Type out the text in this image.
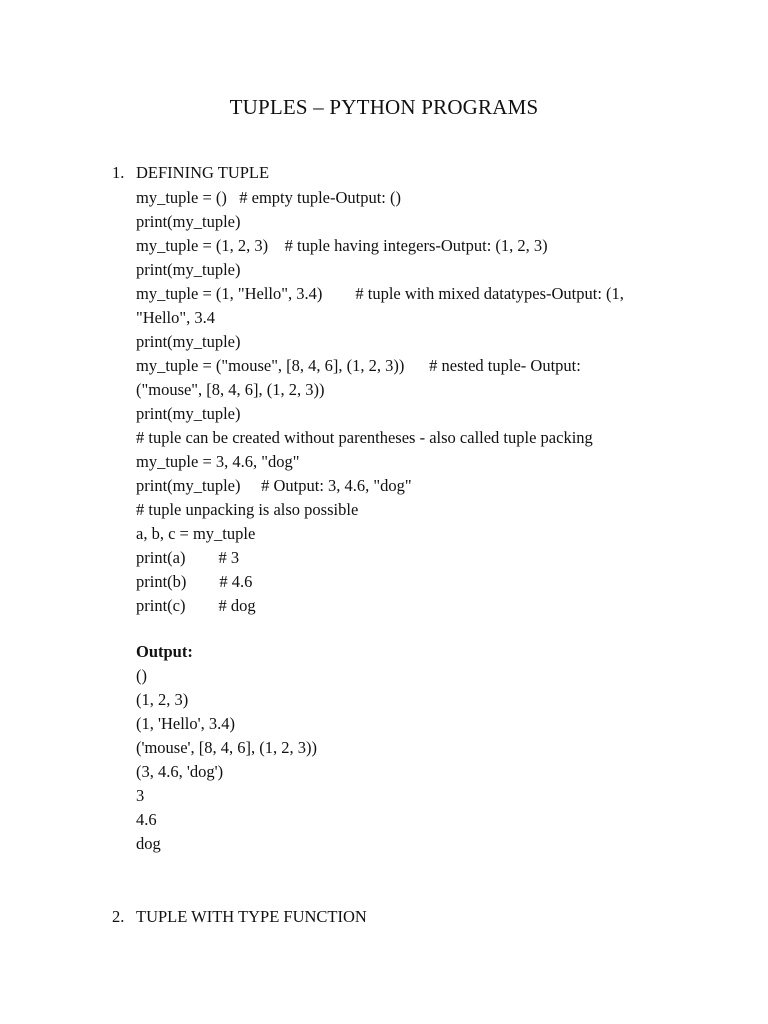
TUPLES – PYTHON PROGRAMS
1. DEFINING TUPLE
my_tuple = ()   # empty tuple-Output: ()
print(my_tuple)
my_tuple = (1, 2, 3)    # tuple having integers-Output: (1, 2, 3)
print(my_tuple)
my_tuple = (1, "Hello", 3.4)        # tuple with mixed datatypes-Output: (1,
"Hello", 3.4
print(my_tuple)
my_tuple = ("mouse", [8, 4, 6], (1, 2, 3))      # nested tuple- Output:
("mouse", [8, 4, 6], (1, 2, 3))
print(my_tuple)
# tuple can be created without parentheses - also called tuple packing
my_tuple = 3, 4.6, "dog"
print(my_tuple)     # Output: 3, 4.6, "dog"
# tuple unpacking is also possible
a, b, c = my_tuple
print(a)        # 3
print(b)        # 4.6
print(c)        # dog
Output:
()
(1, 2, 3)
(1, 'Hello', 3.4)
('mouse', [8, 4, 6], (1, 2, 3))
(3, 4.6, 'dog')
3
4.6
dog
2. TUPLE WITH TYPE FUNCTION
